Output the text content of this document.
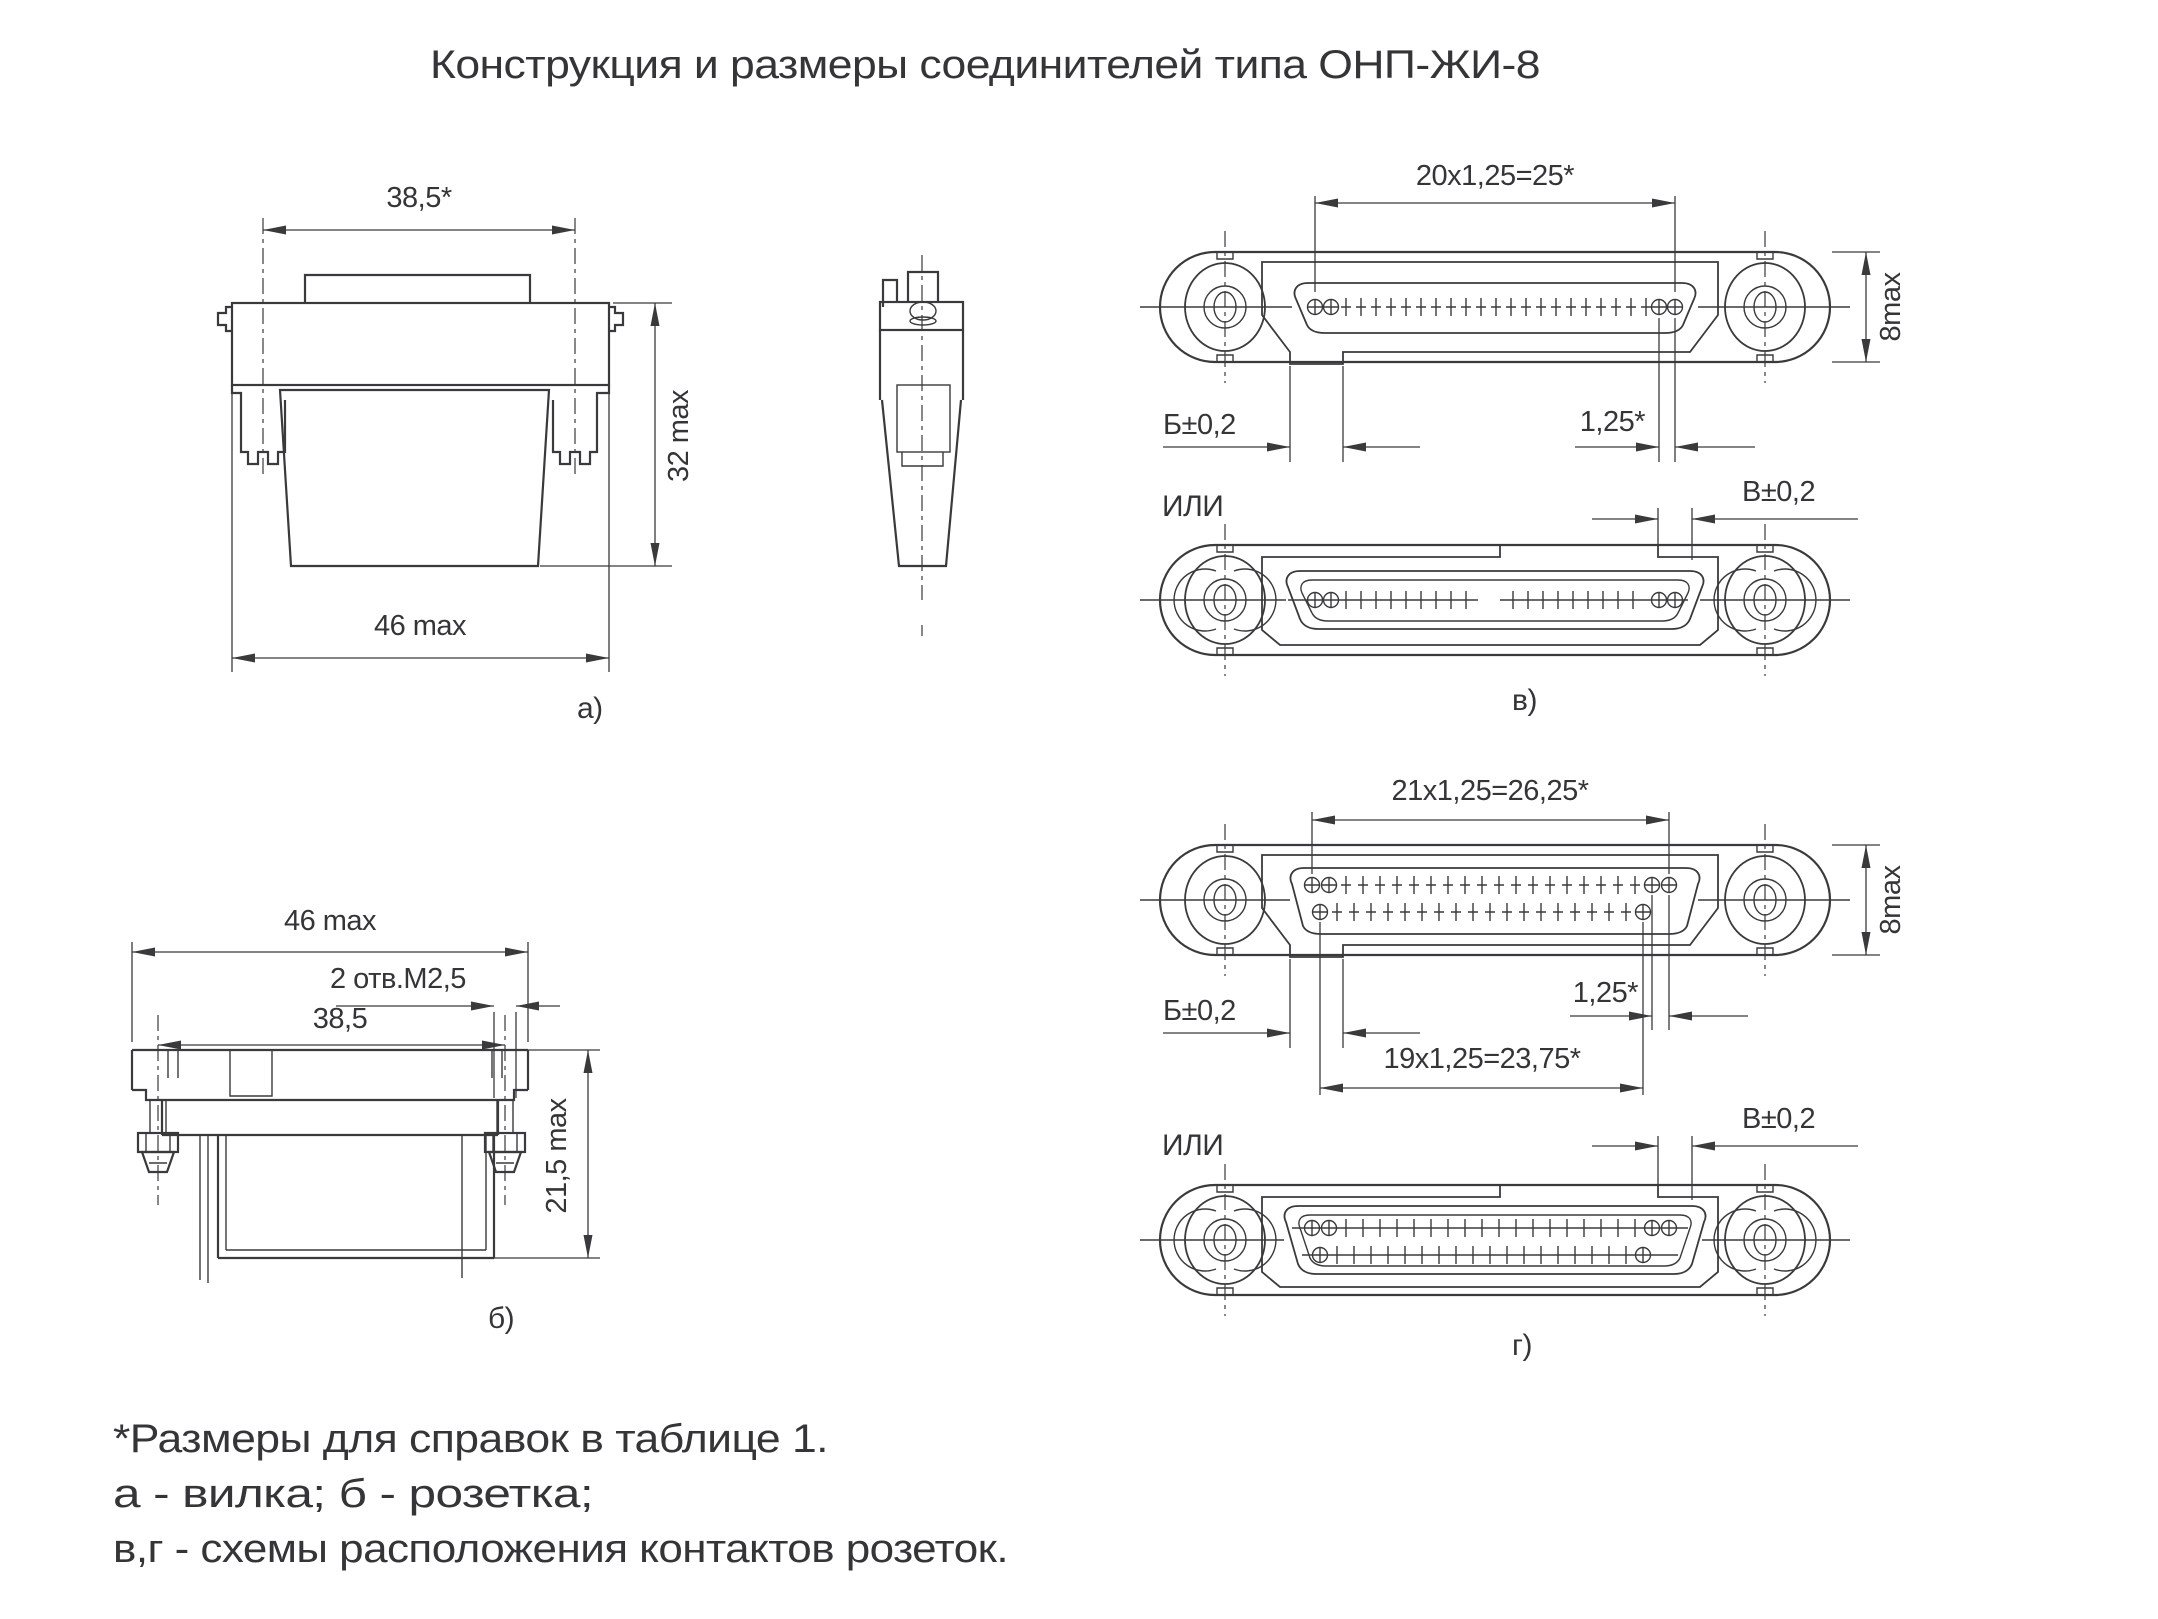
Конструкция и размеры соединителей типа ОНП-ЖИ-8
38,5*
32 max
46 max
а)
46 max
2 отв.М2,5
38,5
21,5 max
б)
20x1,25=25*
8max
Б±0,2	1,25*
ИЛИ	В±0,2
в)
21x1,25=26,25*
8max
Б±0,2
1,25*
19x1,25=23,75*
ИЛИ
В±0,2
г)
*Размеры для справок в таблице 1.
а - вилка; б - розетка;
в,г - схемы расположения контактов розеток.
